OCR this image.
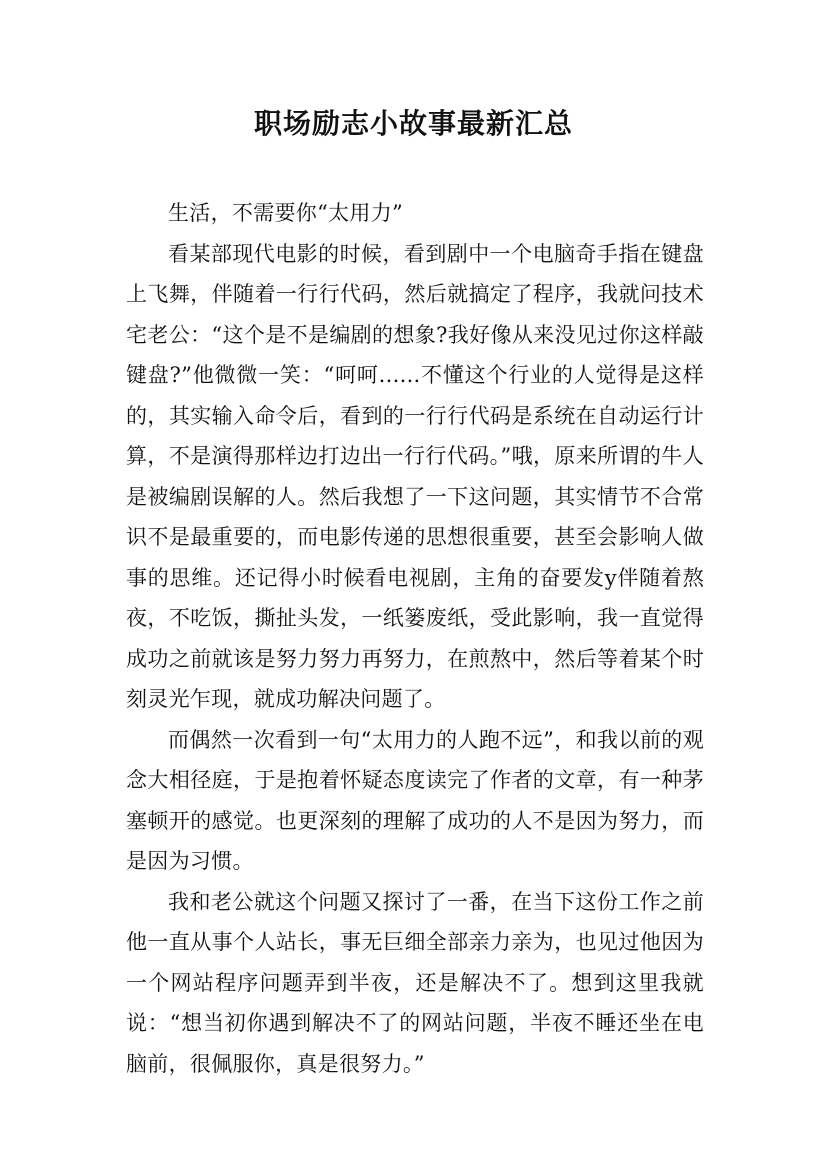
职场励志小故事最新汇总

生活，不需要你“太用力”

看某部现代电影的时候，看到剧中一个电脑奇手指在键盘上飞舞，伴随着一行行代码，然后就搞定了程序，我就问技术宅老公：“这个是不是编剧的想象?我好像从来没见过你这样敲键盘?”他微微一笑：“呵呵......不懂这个行业的人觉得是这样的，其实输入命令后，看到的一行行代码是系统在自动运行计算，不是演得那样边打边出一行行代码。”哦，原来所谓的牛人是被编剧误解的人。然后我想了一下这问题，其实情节不合常识不是最重要的，而电影传递的思想很重要，甚至会影响人做事的思维。还记得小时候看电视剧，主角的奋要发y伴随着熬夜，不吃饭，撕扯头发，一纸篓废纸，受此影响，我一直觉得成功之前就该是努力努力再努力，在煎熬中，然后等着某个时刻灵光乍现，就成功解决问题了。

而偶然一次看到一句“太用力的人跑不远”，和我以前的观念大相径庭，于是抱着怀疑态度读完了作者的文章，有一种茅塞顿开的感觉。也更深刻的理解了成功的人不是因为努力，而是因为习惯。

我和老公就这个问题又探讨了一番，在当下这份工作之前他一直从事个人站长，事无巨细全部亲力亲为，也见过他因为一个网站程序问题弄到半夜，还是解决不了。想到这里我就说：“想当初你遇到解决不了的网站问题，半夜不睡还坐在电脑前，很佩服你，真是很努力。”
